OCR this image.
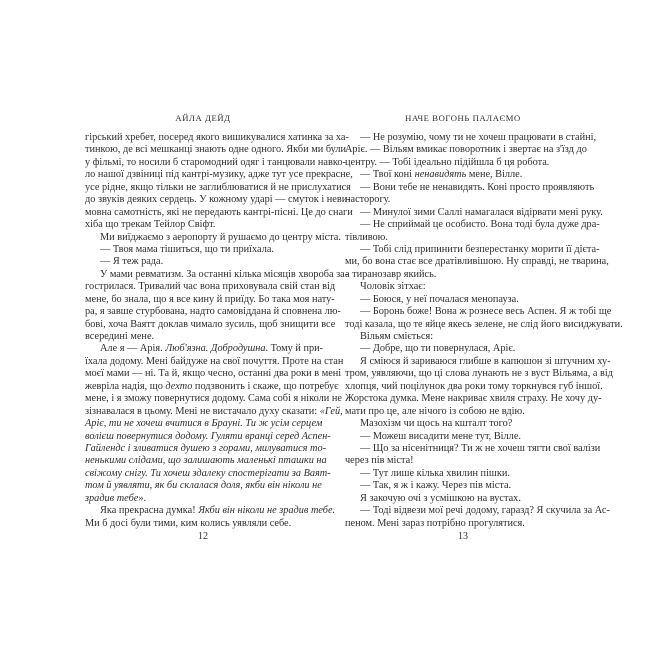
АЙЛА ДЕЙД
гірський хребет, посеред якого вишикувалися хатинка за ха-
тинкою, де всі мешканці знають одне одного. Якби ми були
у фільмі, то носили б старомодний одяг і танцювали навко-
ло нашої дзвіниці під кантрі-музику, адже тут усе прекрасне,
усе рідне, якщо тільки не заглиблюватися й не прислухатися
до звуків деяких сердець. У кожному ударі — смуток і неви-
мовна самотність, які не передають кантрі-пісні. Це до снаги
хіба що трекам Тейлор Свіфт.
Ми виїджаємо з аеропорту й рушаємо до центру міста.
— Твоя мама тішиться, що ти приїхала.
— Я теж рада.
У мами ревматизм. За останні кілька місяців хвороба за-
гострилася. Тривалий час вона приховувала свій стан від
мене, бо знала, що я все кину й приїду. Бо така моя нату-
ра, я завше стурбована, надто самовіддана й сповнена лю-
бові, хоча Ваятт доклав чимало зусиль, щоб знищити все
всередині мене.
Але я — Арія. Люб'язна. Добродушна. Тому й при-
їхала додому. Мені байдуже на свої почуття. Проте на стан
моєї мами — ні. Та й, якщо чесно, останні два роки в мені
жевріла надія, що дехто подзвонить і скаже, що потребує
мене, і я зможу повернутися додому. Сама собі я ніколи не
зізнавалася в цьому. Мені не вистачало духу сказати: «Гей,
Аріє, ти не хочеш вчитися в Брауні. Ти ж усім серцем
волієш повернутися додому. Гуляти вранці серед Аспен-
Гайлендс і зливатися душею з горами, милуватися то-
ненькими слідами, що залишають маленькі пташки на
свіжому снігу. Ти хочеш здалеку спостерігати за Ваят-
том й уявляти, як би склалася доля, якби він ніколи не
зрадив тебе».
Яка прекрасна думка! Якби він ніколи не зрадив тебе.
Ми б досі були тими, ким колись уявляли себе.
12
НАЧЕ ВОГОНЬ ПАЛАЄМО
— Не розумію, чому ти не хочеш працювати в стайні,
Аріє. — Вільям вмикає поворотник і звертає на з'їзд до
центру. — Тобі ідеально підійшла б ця робота.
— Твої коні ненавидять мене, Вілле.
— Вони тебе не ненавидять. Коні просто проявляють
насторогу.
— Минулої зими Саллі намагалася відірвати мені руку.
— Не сприймай це особисто. Вона тоді була дуже дра-
тівливою.
— Тобі слід припинити безперестанку морити її дієта-
ми, бо вона стає все дратівливішою. Ну справді, не тварина,
а тиранозавр якийсь.
Чоловік зітхає:
— Боюся, у неї почалася менопауза.
— Боронь боже! Вона ж рознесе весь Аспен. Я ж тобі ще
тоді казала, що те яйце якесь зелене, не слід його висиджувати.
Вільям сміється:
— Добре, що ти повернулася, Аріє.
Я сміюся й зариваюся глибше в капюшон зі штучним ху-
тром, уявляючи, що ці слова лунають не з вуст Вільяма, а від
хлопця, чий поцілунок два роки тому торкнувся губ іншої.
Жорстока думка. Мене накриває хвиля страху. Не хочу ду-
мати про це, але нічого із собою не вдію.
Мазохізм чи щось на кшталт того?
— Можеш висадити мене тут, Вілле.
— Що за нісенітниця? Ти ж не хочеш тягти свої валізи
через пів міста!
— Тут лише кілька хвилин пішки.
— Так, я ж і кажу. Через пів міста.
Я закочую очі з усмішкою на вустах.
— Тоді відвези мої речі додому, гаразд? Я скучила за Ас-
пеном. Мені зараз потрібно прогулятися.
13
